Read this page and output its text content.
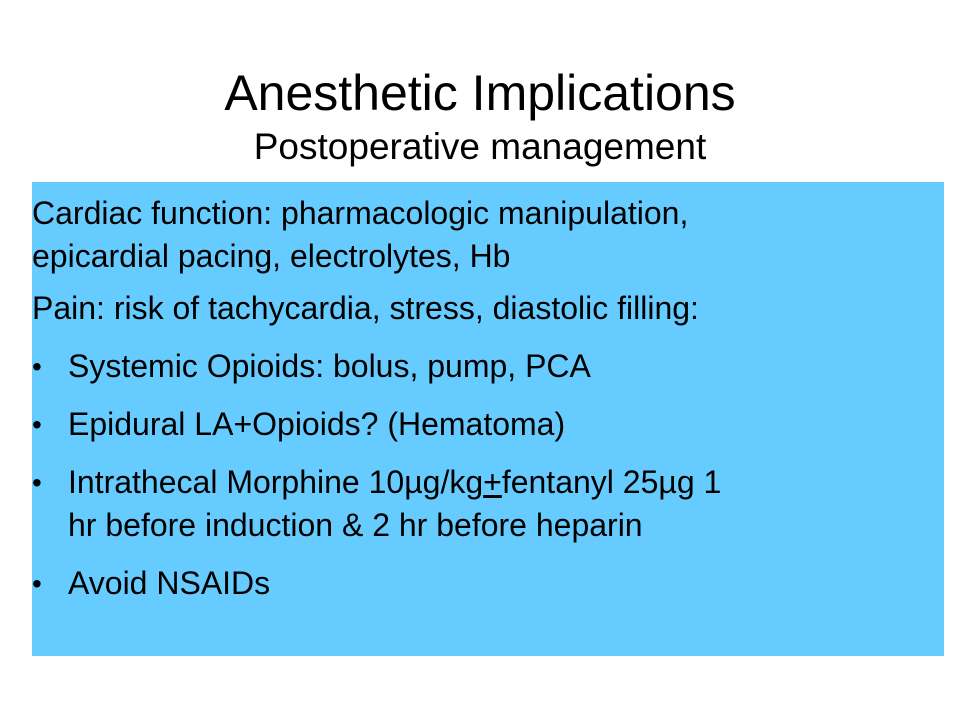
Anesthetic Implications
Postoperative management

Cardiac function: pharmacologic manipulation,
epicardial pacing, electrolytes, Hb

Pain: risk of tachycardia, stress, diastolic filling:

• Systemic Opioids: bolus, pump, PCA
• Epidural LA+Opioids? (Hematoma)
• Intrathecal Morphine 10µg/kg+fentanyl 25µg 1
hr before induction & 2 hr before heparin
• Avoid NSAIDs
